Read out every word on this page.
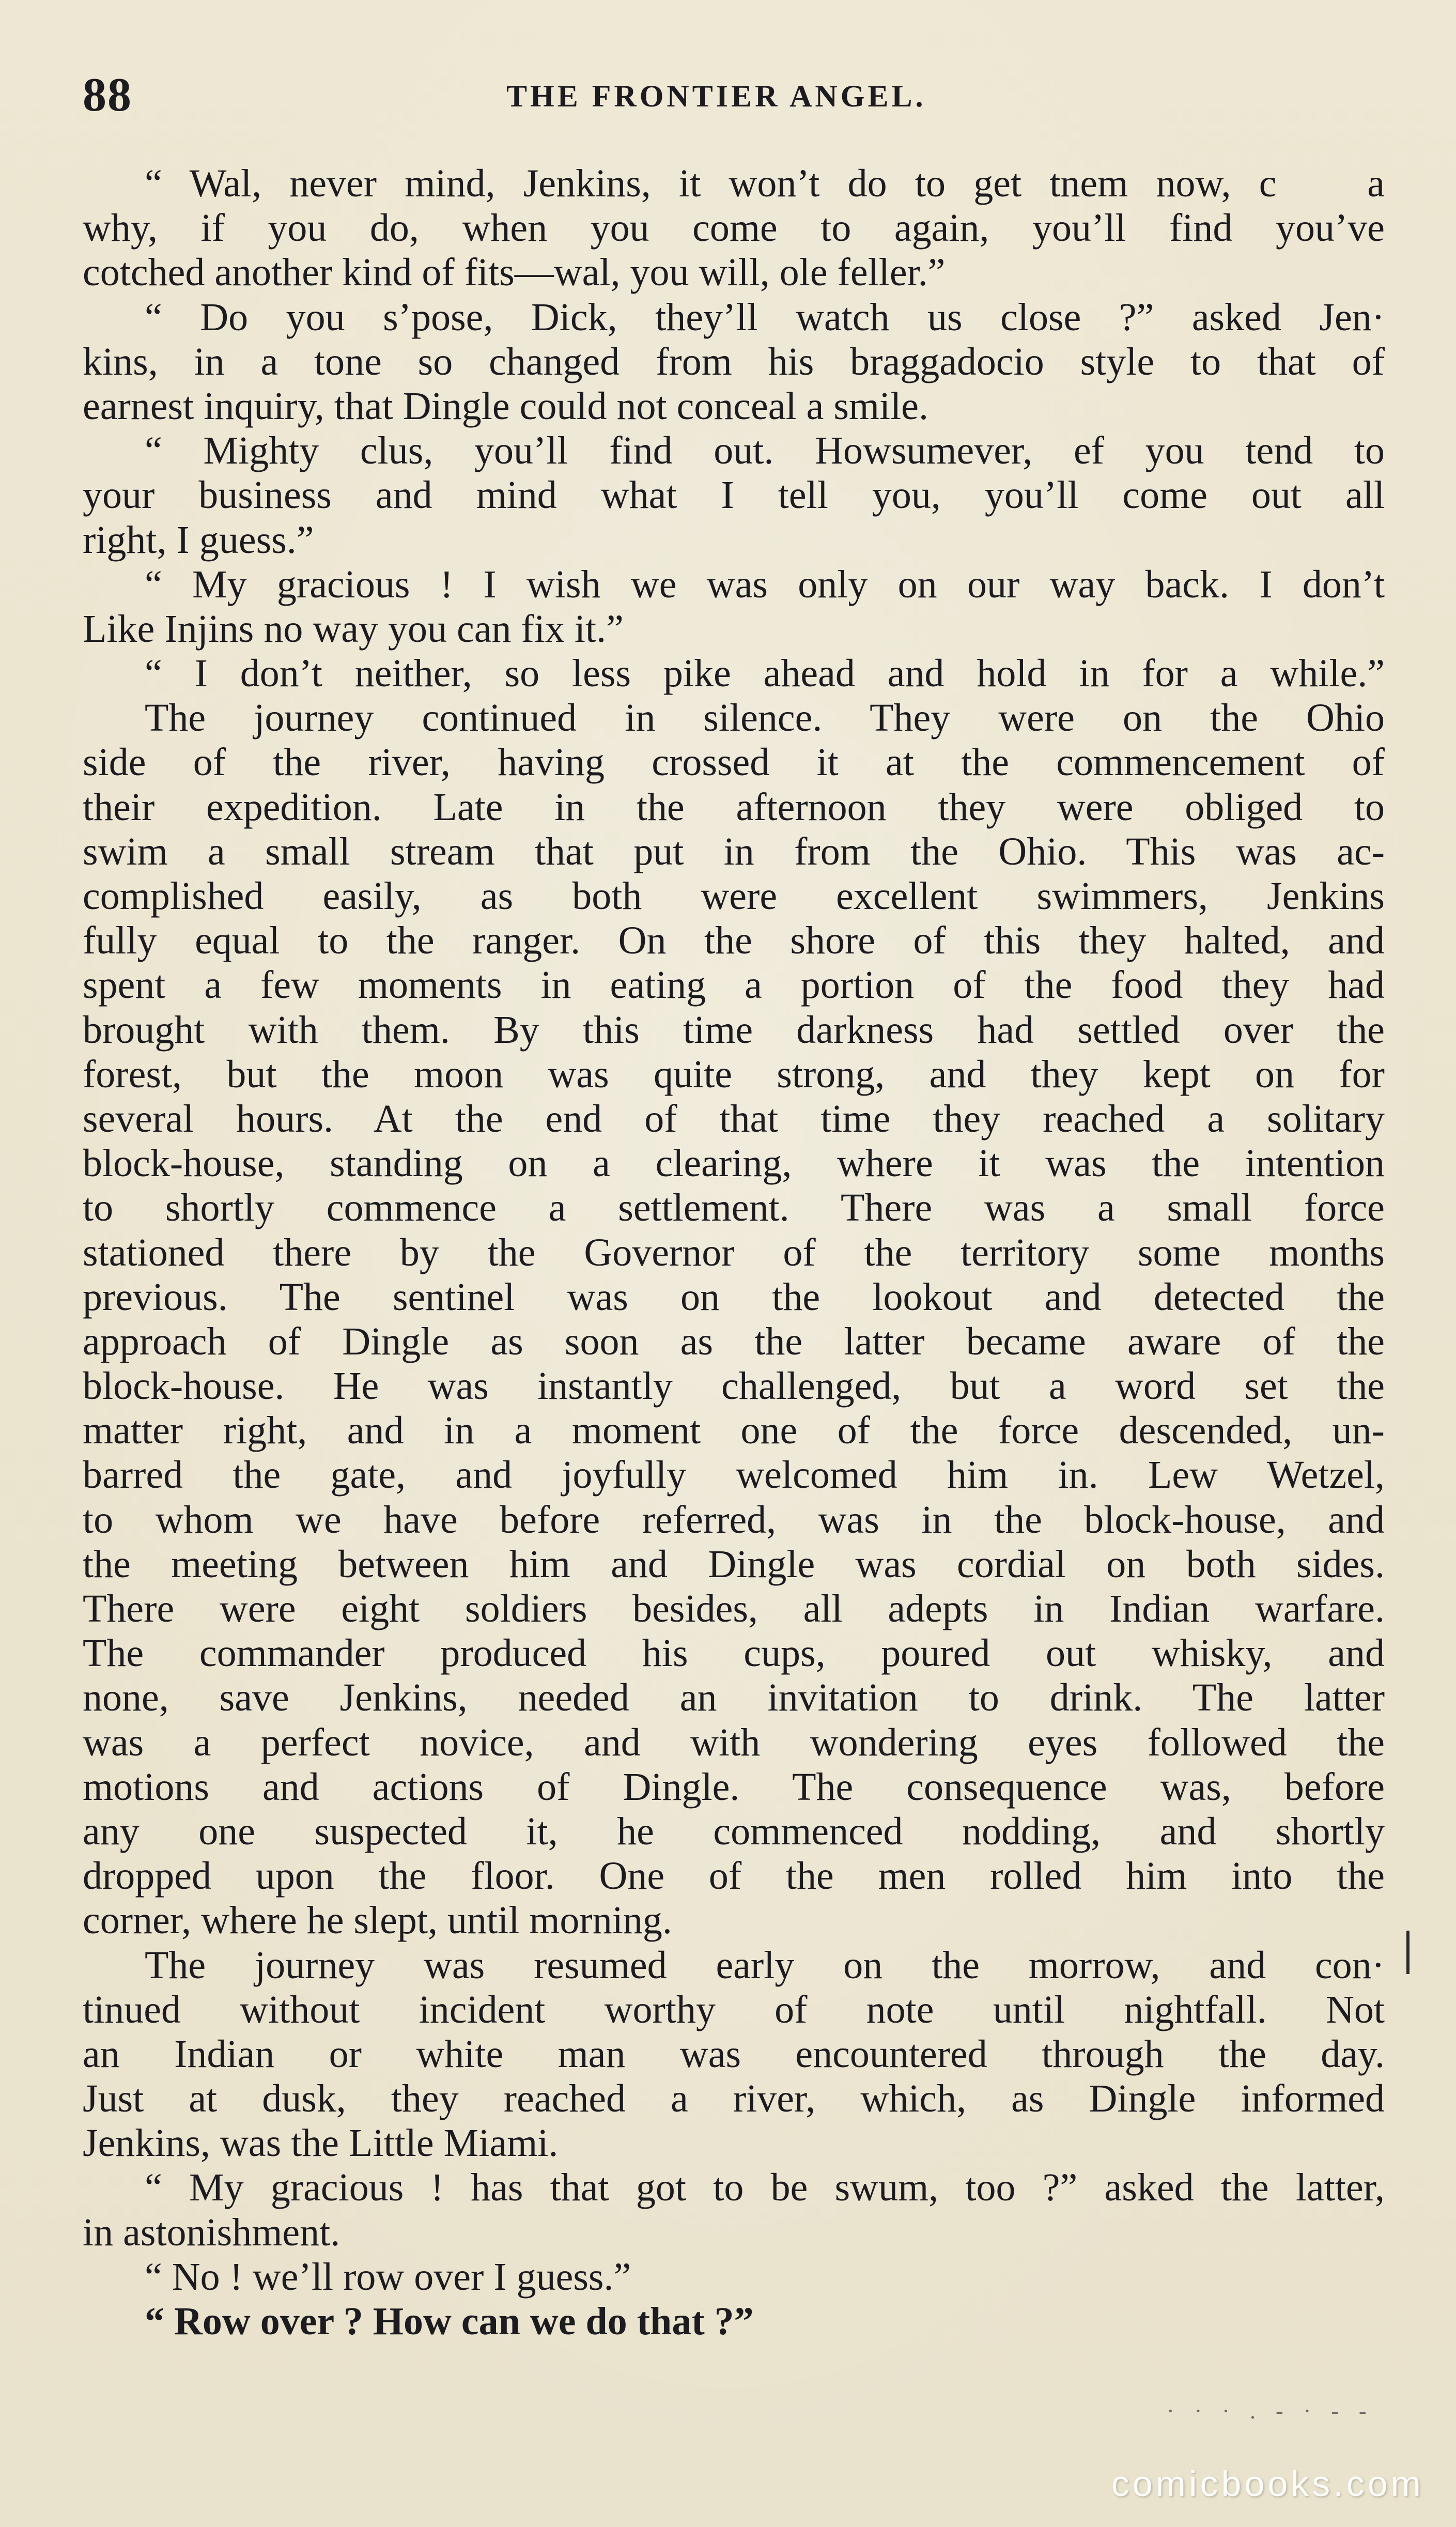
88	THE FRONTIER ANGEL.
“ Wal, never mind, Jenkins, it won’t do to get tnem now, c a
why, if you do, when you come to again, you’ll find you’ve
cotched another kind of fits—wal, you will, ole feller.”
“ Do you s’pose, Dick, they’ll watch us close ?” asked Jen·
kins, in a tone so changed from his braggadocio style to that of
earnest inquiry, that Dingle could not conceal a smile.
“ Mighty clus, you’ll find out. Howsumever, ef you tend to
your business and mind what I tell you, you’ll come out all
right, I guess.”
“ My gracious ! I wish we was only on our way back. I don’t
Like Injins no way you can fix it.”
“ I don’t neither, so less pike ahead and hold in for a while.”
The journey continued in silence. They were on the Ohio
side of the river, having crossed it at the commencement of
their expedition. Late in the afternoon they were obliged to
swim a small stream that put in from the Ohio. This was ac-
complished easily, as both were excellent swimmers, Jenkins
fully equal to the ranger. On the shore of this they halted, and
spent a few moments in eating a portion of the food they had
brought with them. By this time darkness had settled over the
forest, but the moon was quite strong, and they kept on for
several hours. At the end of that time they reached a solitary
block-house, standing on a clearing, where it was the intention
to shortly commence a settlement. There was a small force
stationed there by the Governor of the territory some months
previous. The sentinel was on the lookout and detected the
approach of Dingle as soon as the latter became aware of the
block-house. He was instantly challenged, but a word set the
matter right, and in a moment one of the force descended, un-
barred the gate, and joyfully welcomed him in. Lew Wetzel,
to whom we have before referred, was in the block-house, and
the meeting between him and Dingle was cordial on both sides.
There were eight soldiers besides, all adepts in Indian warfare.
The commander produced his cups, poured out whisky, and
none, save Jenkins, needed an invitation to drink. The latter
was a perfect novice, and with wondering eyes followed the
motions and actions of Dingle. The consequence was, before
any one suspected it, he commenced nodding, and shortly
dropped upon the floor. One of the men rolled him into the
corner, where he slept, until morning.
The journey was resumed early on the morrow, and con·
tinued without incident worthy of note until nightfall. Not
an Indian or white man was encountered through the day.
Just at dusk, they reached a river, which, as Dingle informed
Jenkins, was the Little Miami.
“ My gracious ! has that got to be swum, too ?” asked the latter,
in astonishment.
“ No ! we’ll row over I guess.”
“ Row over ? How can we do that ?”
· · · . - · - -
comicbooks.com
